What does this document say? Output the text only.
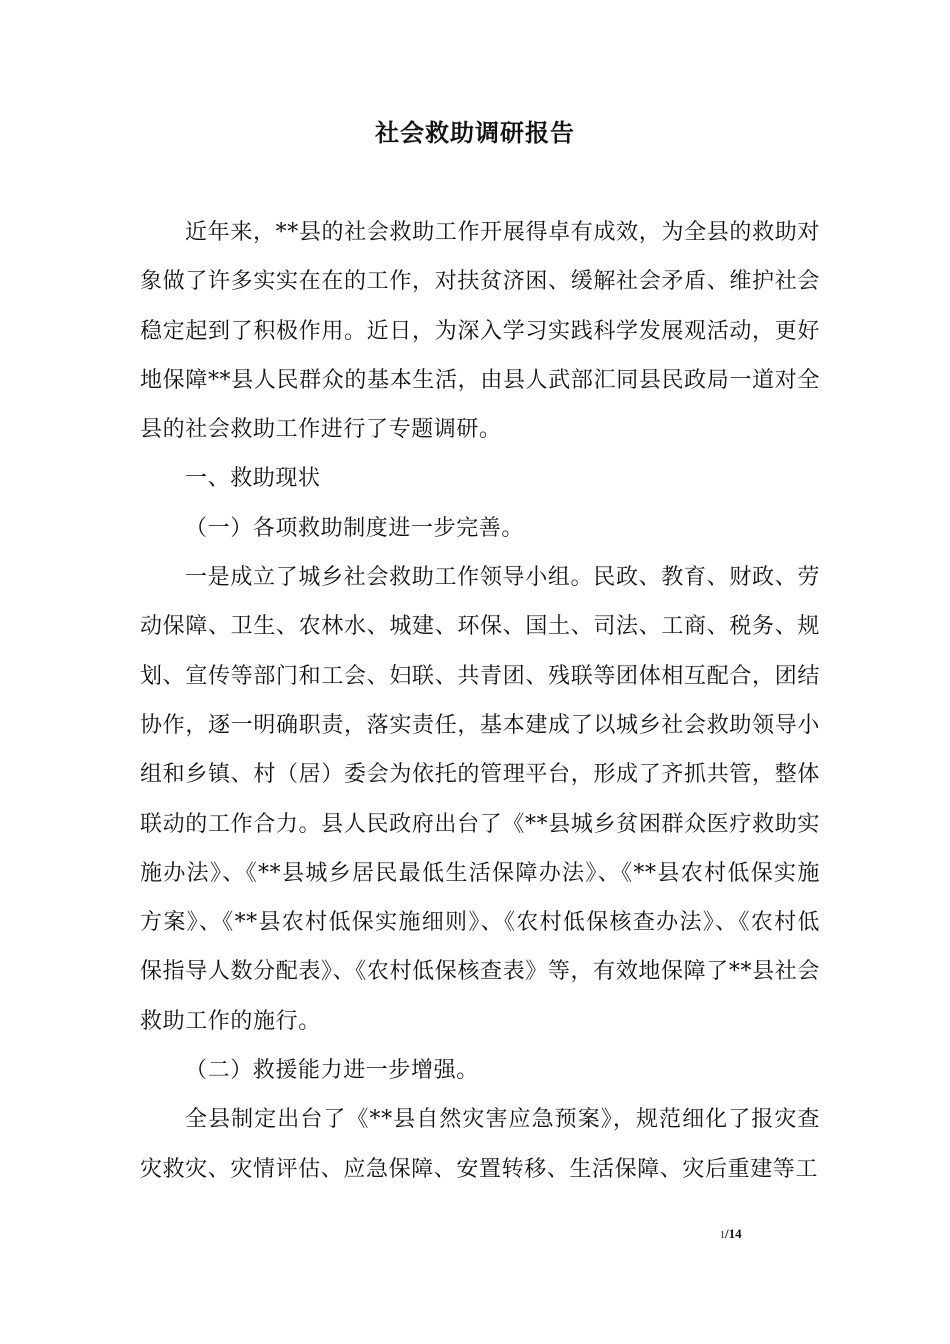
社会救助调研报告

近年来，**县的社会救助工作开展得卓有成效，为全县的救助对象做了许多实实在在的工作，对扶贫济困、缓解社会矛盾、维护社会稳定起到了积极作用。近日，为深入学习实践科学发展观活动，更好地保障**县人民群众的基本生活，由县人武部汇同县民政局一道对全县的社会救助工作进行了专题调研。

一、救助现状

（一）各项救助制度进一步完善。

一是成立了城乡社会救助工作领导小组。民政、教育、财政、劳动保障、卫生、农林水、城建、环保、国土、司法、工商、税务、规划、宣传等部门和工会、妇联、共青团、残联等团体相互配合，团结协作，逐一明确职责，落实责任，基本建成了以城乡社会救助领导小组和乡镇、村（居）委会为依托的管理平台，形成了齐抓共管，整体联动的工作合力。县人民政府出台了《**县城乡贫困群众医疗救助实施办法》、《**县城乡居民最低生活保障办法》、《**县农村低保实施方案》、《**县农村低保实施细则》、《农村低保核查办法》、《农村低保指导人数分配表》、《农村低保核查表》等，有效地保障了**县社会救助工作的施行。

（二）救援能力进一步增强。

全县制定出台了《**县自然灾害应急预案》，规范细化了报灾查灾救灾、灾情评估、应急保障、安置转移、生活保障、灾后重建等工

1/14
